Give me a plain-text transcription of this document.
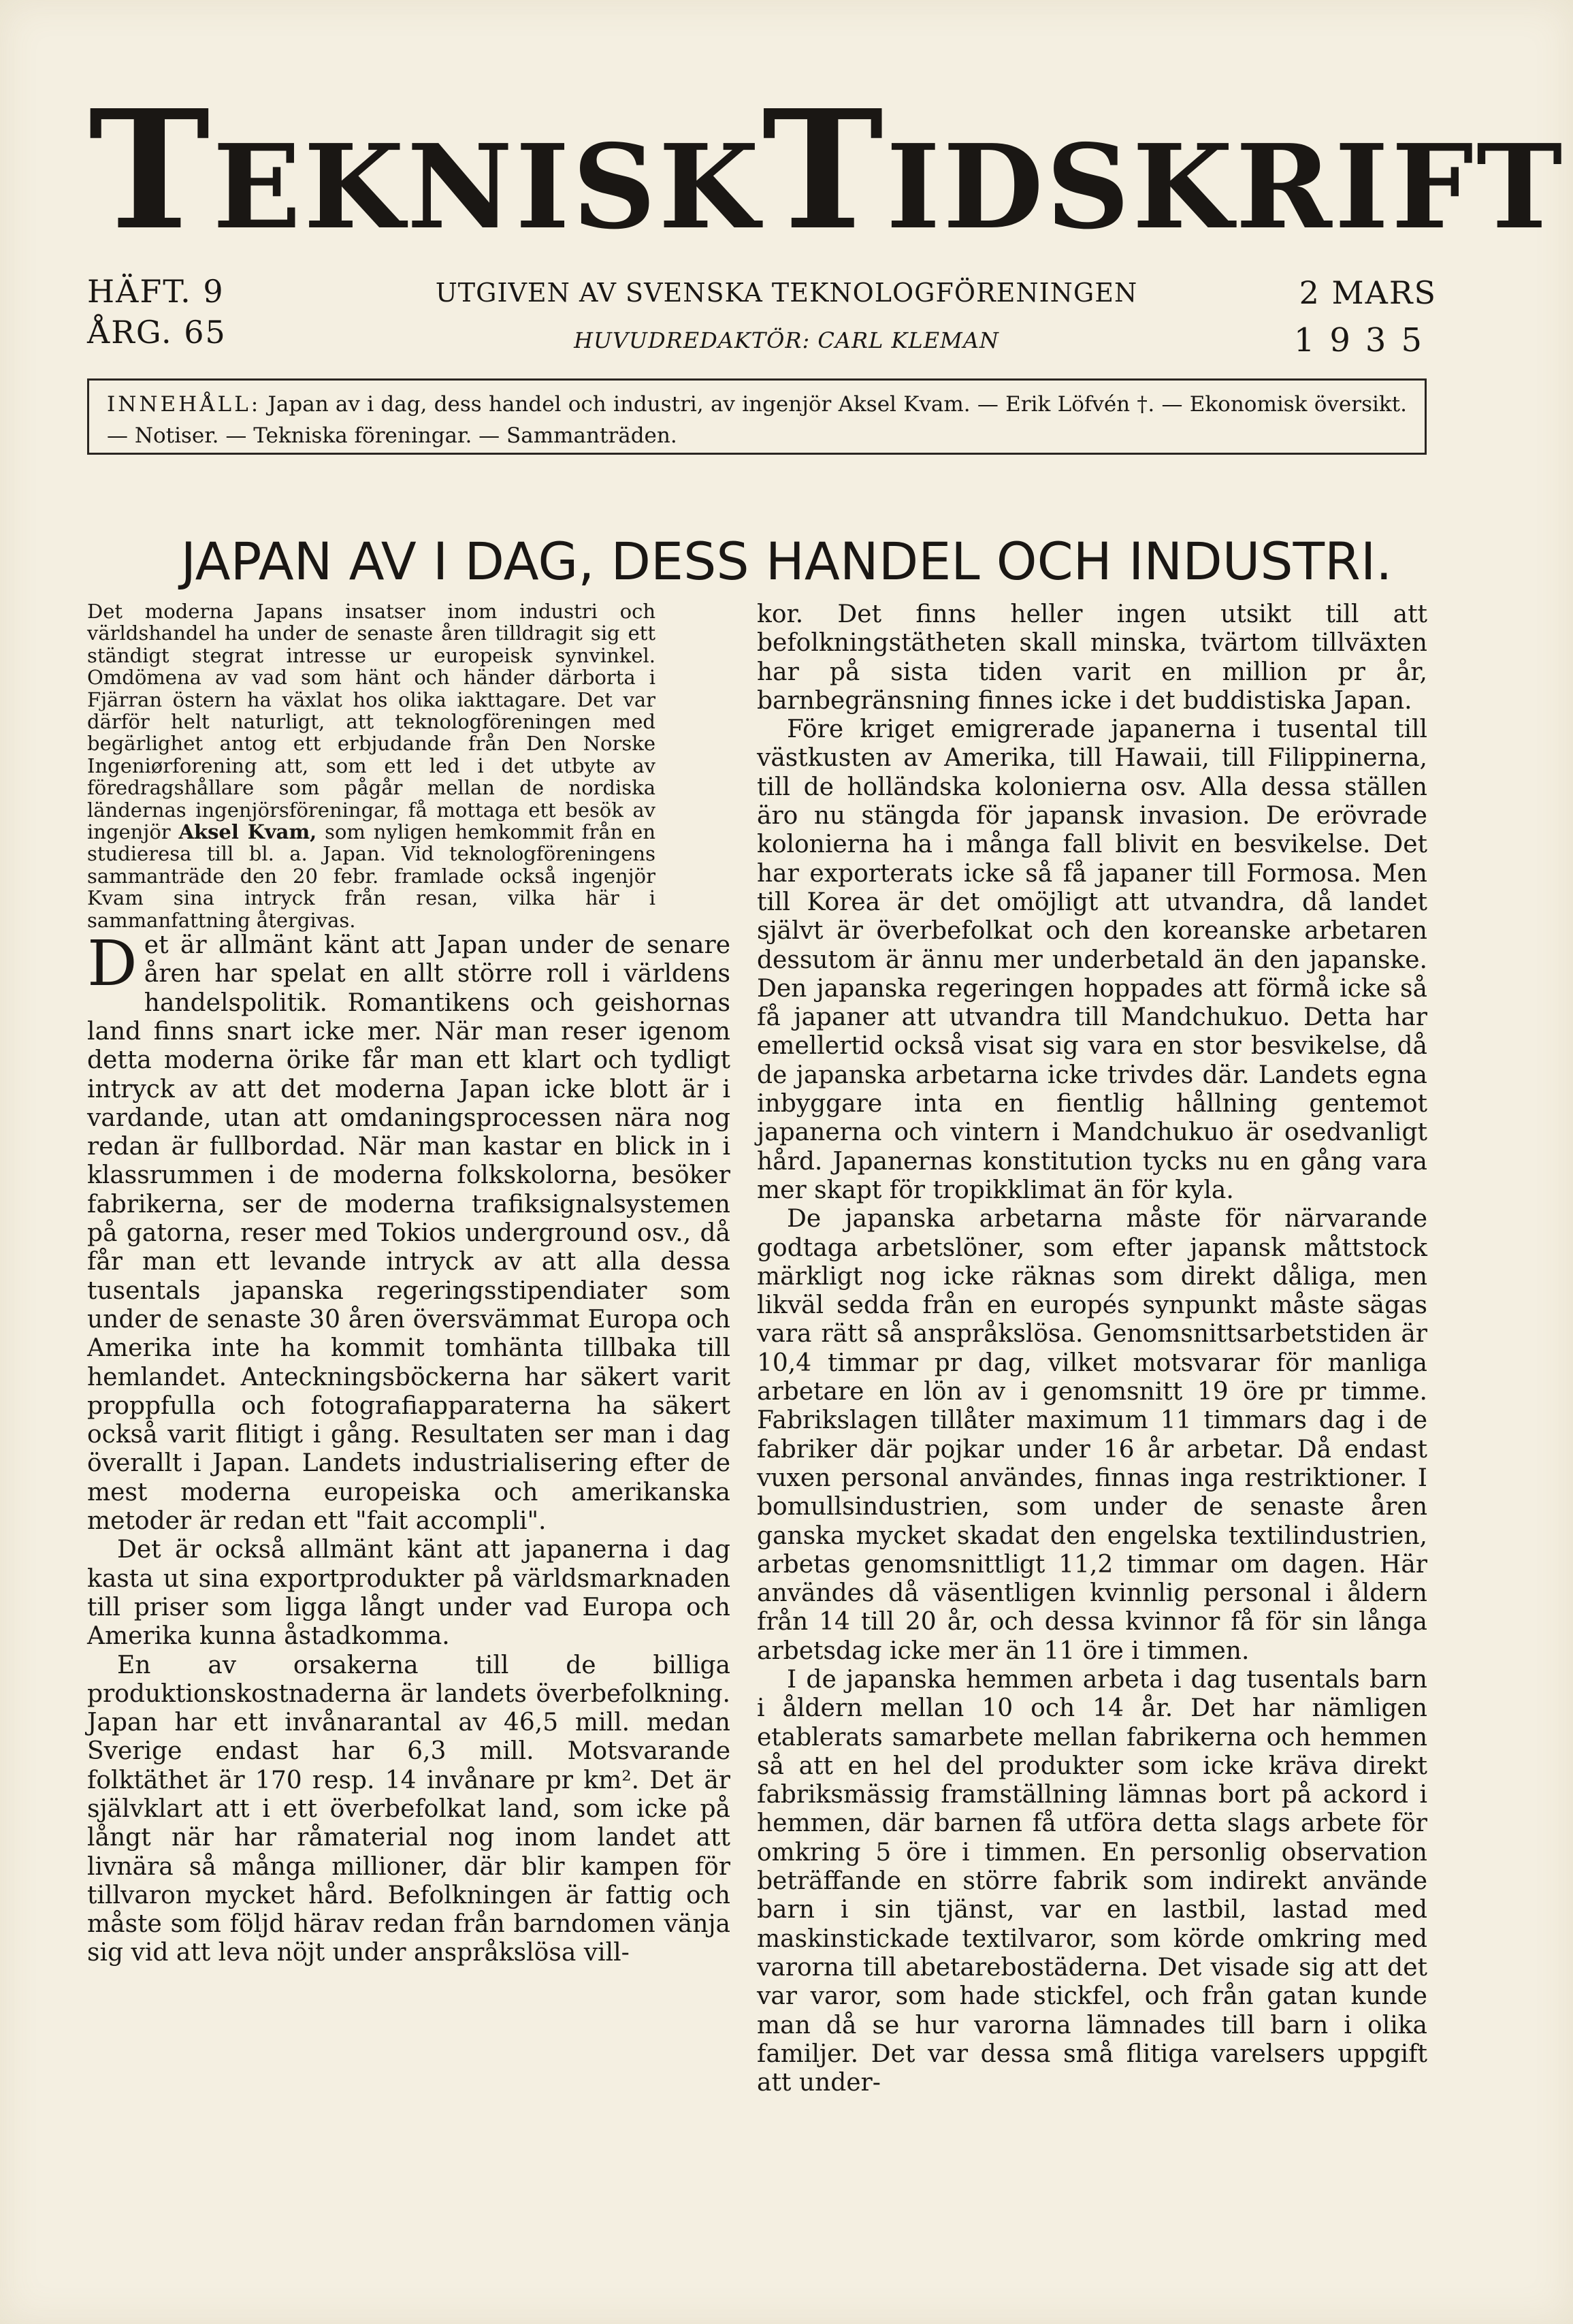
T EKNISK T IDSKRIFT
HÄFT. 9
ÅRG. 65
UTGIVEN AV SVENSKA TEKNOLOGFÖRENINGEN
HUVUDREDAKTÖR: CARL KLEMAN
2 MARS
1935
INNEHÅLL: Japan av i dag, dess handel och industri, av ingenjör Aksel Kvam. — Erik Löfvén †. — Ekonomisk översikt. — Notiser. — Tekniska föreningar. — Sammanträden.
JAPAN AV I DAG, DESS HANDEL OCH INDUSTRI.

Det moderna Japans insatser inom industri och världshandel ha under de senaste åren tilldragit sig ett ständigt stegrat intresse ur europeisk synvinkel. Omdömena av vad som hänt och händer därborta i Fjärran östern ha växlat hos olika iakttagare. Det var därför helt naturligt, att teknologföreningen med begärlighet antog ett erbjudande från Den Norske Ingeniørforening att, som ett led i det utbyte av föredragshållare som pågår mellan de nordiska ländernas ingenjörsföreningar, få mottaga ett besök av ingenjör Aksel Kvam, som nyligen hemkommit från en studieresa till bl. a. Japan. Vid teknologföreningens sammanträde den 20 febr. framlade också ingenjör Kvam sina intryck från resan, vilka här i sammanfattning återgivas.

Det är allmänt känt att Japan under de senare åren har spelat en allt större roll i världens handelspolitik. Romantikens och geishornas land finns snart icke mer. När man reser igenom detta moderna örike får man ett klart och tydligt intryck av att det moderna Japan icke blott är i vardande, utan att omdaningsprocessen nära nog redan är fullbordad. När man kastar en blick in i klassrummen i de moderna folkskolorna, besöker fabrikerna, ser de moderna trafiksignalsystemen på gatorna, reser med Tokios underground osv., då får man ett levande intryck av att alla dessa tusentals japanska regeringsstipendiater som under de senaste 30 åren översvämmat Europa och Amerika inte ha kommit tomhänta tillbaka till hemlandet. Anteckningsböckerna har säkert varit proppfulla och fotografiapparaterna ha säkert också varit flitigt i gång. Resultaten ser man i dag överallt i Japan. Landets industrialisering efter de mest moderna europeiska och amerikanska metoder är redan ett "fait accompli".

Det är också allmänt känt att japanerna i dag kasta ut sina exportprodukter på världsmarknaden till priser som ligga långt under vad Europa och Amerika kunna åstadkomma.

En av orsakerna till de billiga produktionskostnaderna är landets överbefolkning. Japan har ett invånarantal av 46,5 mill. medan Sverige endast har 6,3 mill. Motsvarande folktäthet är 170 resp. 14 invånare pr km². Det är självklart att i ett överbefolkat land, som icke på långt när har råmaterial nog inom landet att livnära så många millioner, där blir kampen för tillvaron mycket hård. Befolkningen är fattig och måste som följd härav redan från barndomen vänja sig vid att leva nöjt under anspråkslösa vill-

kor. Det finns heller ingen utsikt till att befolkningstätheten skall minska, tvärtom tillväxten har på sista tiden varit en million pr år, barnbegränsning finnes icke i det buddistiska Japan.

Före kriget emigrerade japanerna i tusental till västkusten av Amerika, till Hawaii, till Filippinerna, till de holländska kolonierna osv. Alla dessa ställen äro nu stängda för japansk invasion. De erövrade kolonierna ha i många fall blivit en besvikelse. Det har exporterats icke så få japaner till Formosa. Men till Korea är det omöjligt att utvandra, då landet självt är överbefolkat och den koreanske arbetaren dessutom är ännu mer underbetald än den japanske. Den japanska regeringen hoppades att förmå icke så få japaner att utvandra till Mandchukuo. Detta har emellertid också visat sig vara en stor besvikelse, då de japanska arbetarna icke trivdes där. Landets egna inbyggare inta en fientlig hållning gentemot japanerna och vintern i Mandchukuo är osedvanligt hård. Japanernas konstitution tycks nu en gång vara mer skapt för tropikklimat än för kyla.

De japanska arbetarna måste för närvarande godtaga arbetslöner, som efter japansk måttstock märkligt nog icke räknas som direkt dåliga, men likväl sedda från en europés synpunkt måste sägas vara rätt så anspråkslösa. Genomsnittsarbetstiden är 10,4 timmar pr dag, vilket motsvarar för manliga arbetare en lön av i genomsnitt 19 öre pr timme. Fabrikslagen tillåter maximum 11 timmars dag i de fabriker där pojkar under 16 år arbetar. Då endast vuxen personal användes, finnas inga restriktioner. I bomullsindustrien, som under de senaste åren ganska mycket skadat den engelska textilindustrien, arbetas genomsnittligt 11,2 timmar om dagen. Här användes då väsentligen kvinnlig personal i åldern från 14 till 20 år, och dessa kvinnor få för sin långa arbetsdag icke mer än 11 öre i timmen.

I de japanska hemmen arbeta i dag tusentals barn i åldern mellan 10 och 14 år. Det har nämligen etablerats samarbete mellan fabrikerna och hemmen så att en hel del produkter som icke kräva direkt fabriksmässig framställning lämnas bort på ackord i hemmen, där barnen få utföra detta slags arbete för omkring 5 öre i timmen. En personlig observation beträffande en större fabrik som indirekt använde barn i sin tjänst, var en lastbil, lastad med maskinstickade textilvaror, som körde omkring med varorna till abetarebostäderna. Det visade sig att det var varor, som hade stickfel, och från gatan kunde man då se hur varorna lämnades till barn i olika familjer. Det var dessa små flitiga varelsers uppgift att under-
